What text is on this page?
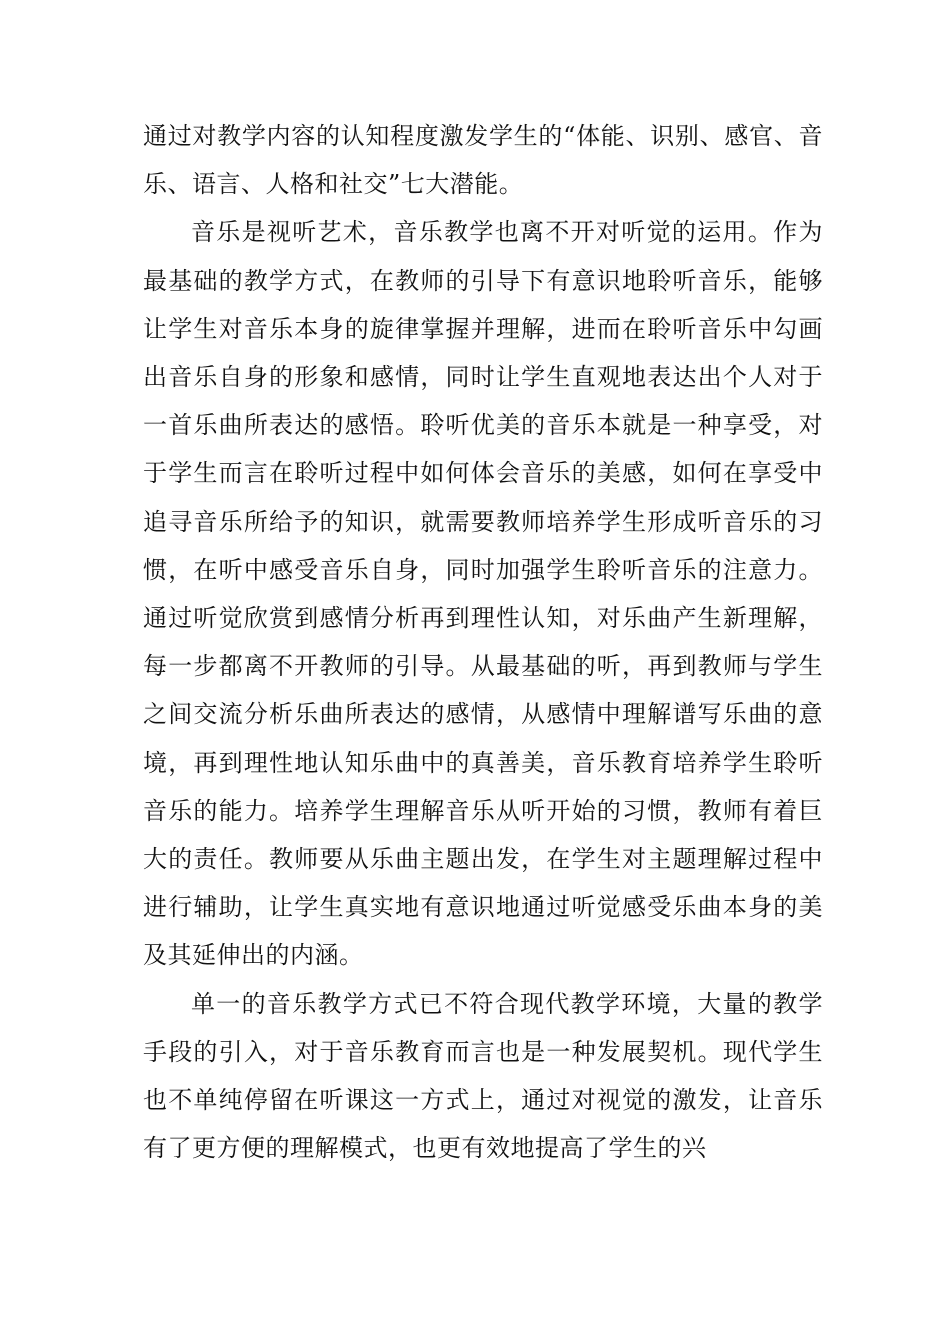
通过对教学内容的认知程度激发学生的“体能、识别、感官、音乐、语言、人格和社交”七大潜能。

音乐是视听艺术，音乐教学也离不开对听觉的运用。作为最基础的教学方式，在教师的引导下有意识地聆听音乐，能够让学生对音乐本身的旋律掌握并理解，进而在聆听音乐中勾画出音乐自身的形象和感情，同时让学生直观地表达出个人对于一首乐曲所表达的感悟。聆听优美的音乐本就是一种享受，对于学生而言在聆听过程中如何体会音乐的美感，如何在享受中追寻音乐所给予的知识，就需要教师培养学生形成听音乐的习惯，在听中感受音乐自身，同时加强学生聆听音乐的注意力。通过听觉欣赏到感情分析再到理性认知，对乐曲产生新理解，每一步都离不开教师的引导。从最基础的听，再到教师与学生之间交流分析乐曲所表达的感情，从感情中理解谱写乐曲的意境，再到理性地认知乐曲中的真善美，音乐教育培养学生聆听音乐的能力。培养学生理解音乐从听开始的习惯，教师有着巨大的责任。教师要从乐曲主题出发，在学生对主题理解过程中进行辅助，让学生真实地有意识地通过听觉感受乐曲本身的美及其延伸出的内涵。

单一的音乐教学方式已不符合现代教学环境，大量的教学手段的引入，对于音乐教育而言也是一种发展契机。现代学生也不单纯停留在听课这一方式上，通过对视觉的激发，让音乐有了更方便的理解模式，也更有效地提高了学生的兴
